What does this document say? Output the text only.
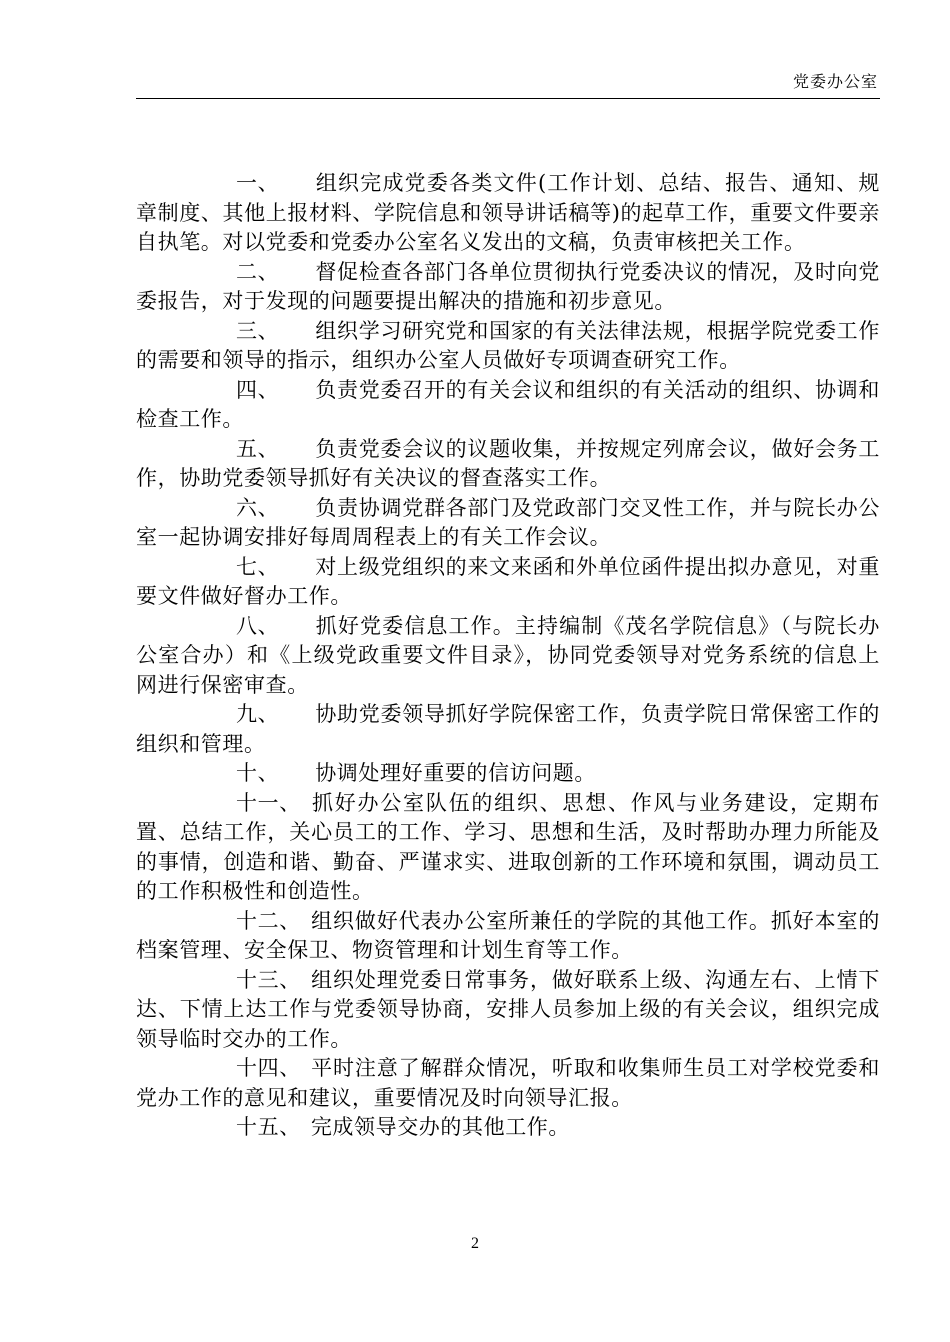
党委办公室

一、 组织完成党委各类文件(工作计划、总结、报告、通知、规章制度、其他上报材料、学院信息和领导讲话稿等)的起草工作，重要文件要亲自执笔。对以党委和党委办公室名义发出的文稿，负责审核把关工作。

二、 督促检查各部门各单位贯彻执行党委决议的情况，及时向党委报告，对于发现的问题要提出解决的措施和初步意见。

三、 组织学习研究党和国家的有关法律法规，根据学院党委工作的需要和领导的指示，组织办公室人员做好专项调查研究工作。

四、 负责党委召开的有关会议和组织的有关活动的组织、协调和检查工作。

五、 负责党委会议的议题收集，并按规定列席会议，做好会务工作，协助党委领导抓好有关决议的督查落实工作。

六、 负责协调党群各部门及党政部门交叉性工作，并与院长办公室一起协调安排好每周周程表上的有关工作会议。

七、 对上级党组织的来文来函和外单位函件提出拟办意见，对重要文件做好督办工作。

八、 抓好党委信息工作。主持编制《茂名学院信息》（与院长办公室合办）和《上级党政重要文件目录》，协同党委领导对党务系统的信息上网进行保密审查。

九、 协助党委领导抓好学院保密工作，负责学院日常保密工作的组织和管理。

十、 协调处理好重要的信访问题。

十一、 抓好办公室队伍的组织、思想、作风与业务建设，定期布置、总结工作，关心员工的工作、学习、思想和生活，及时帮助办理力所能及的事情，创造和谐、勤奋、严谨求实、进取创新的工作环境和氛围，调动员工的工作积极性和创造性。

十二、 组织做好代表办公室所兼任的学院的其他工作。抓好本室的档案管理、安全保卫、物资管理和计划生育等工作。

十三、 组织处理党委日常事务，做好联系上级、沟通左右、上情下达、下情上达工作与党委领导协商，安排人员参加上级的有关会议，组织完成领导临时交办的工作。

十四、 平时注意了解群众情况，听取和收集师生员工对学校党委和党办工作的意见和建议，重要情况及时向领导汇报。

十五、 完成领导交办的其他工作。

2
